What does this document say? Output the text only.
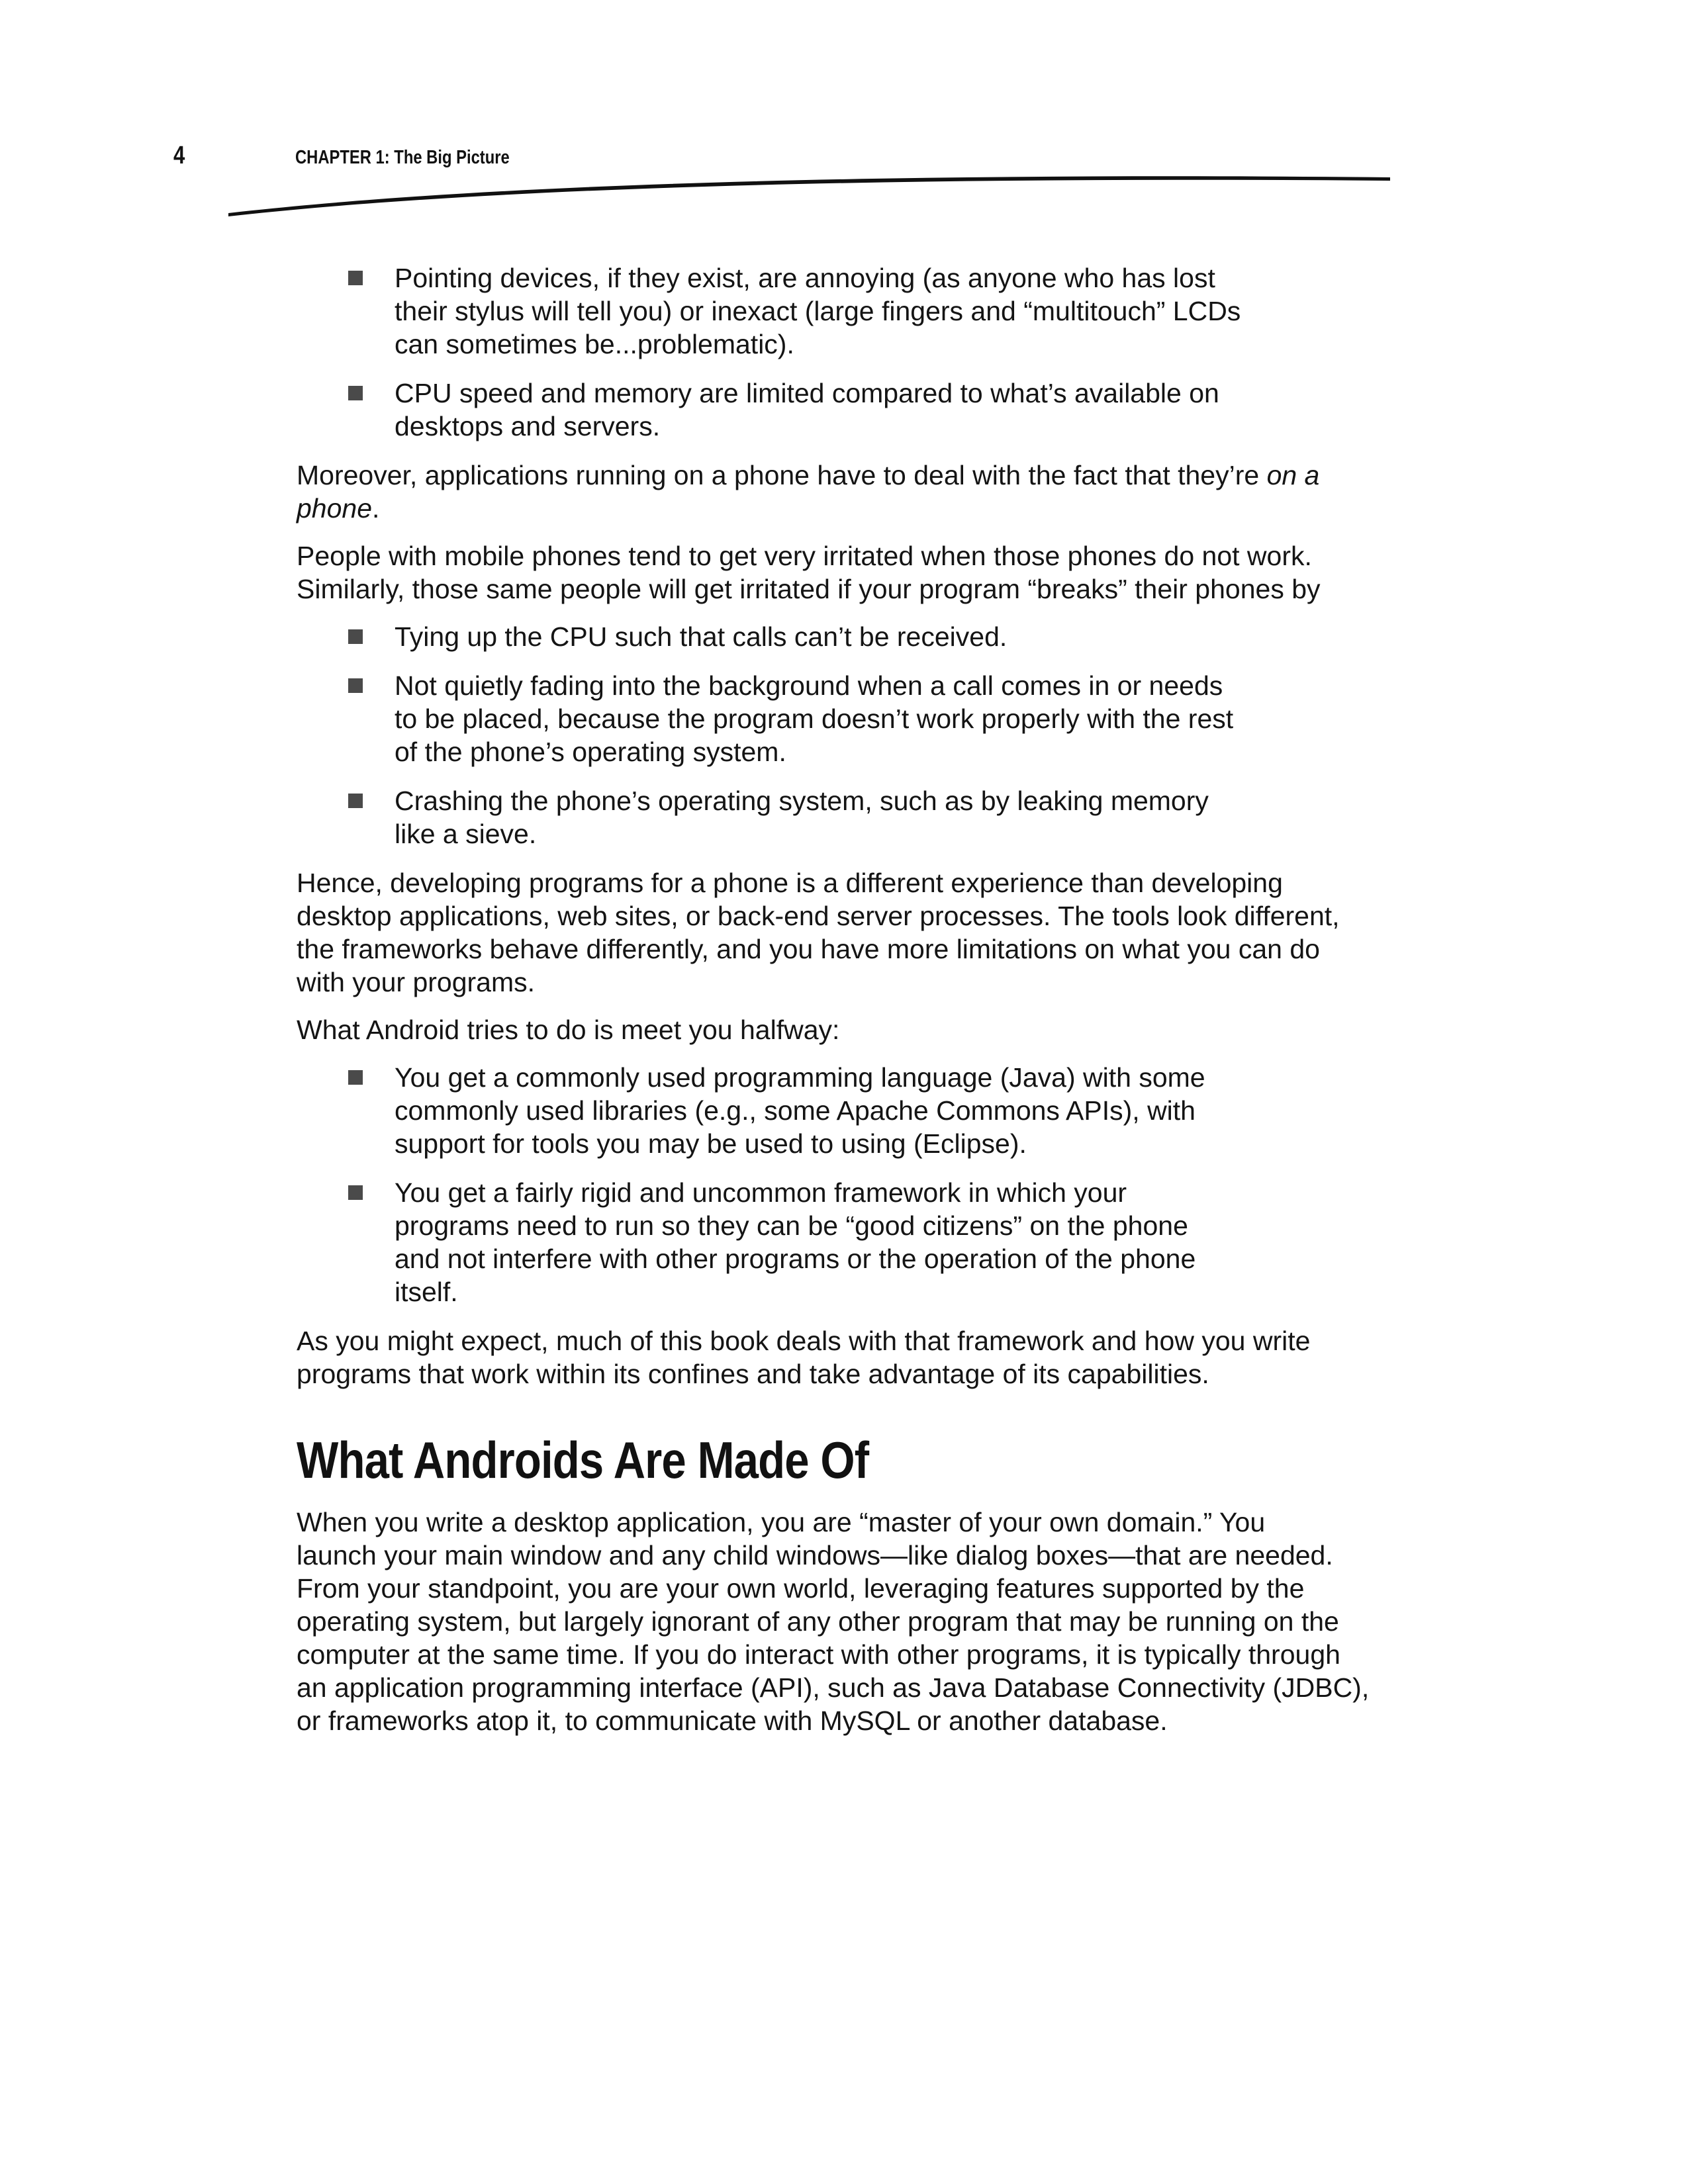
4	CHAPTER 1: The Big Picture
Pointing devices, if they exist, are annoying (as anyone who has lost
their stylus will tell you) or inexact (large fingers and “multitouch” LCDs
can sometimes be...problematic).
CPU speed and memory are limited compared to what’s available on
desktops and servers.
Moreover, applications running on a phone have to deal with the fact that they’re on a
phone.
People with mobile phones tend to get very irritated when those phones do not work.
Similarly, those same people will get irritated if your program “breaks” their phones by
Tying up the CPU such that calls can’t be received.
Not quietly fading into the background when a call comes in or needs
to be placed, because the program doesn’t work properly with the rest
of the phone’s operating system.
Crashing the phone’s operating system, such as by leaking memory
like a sieve.
Hence, developing programs for a phone is a different experience than developing
desktop applications, web sites, or back-end server processes. The tools look different,
the frameworks behave differently, and you have more limitations on what you can do
with your programs.
What Android tries to do is meet you halfway:
You get a commonly used programming language (Java) with some
commonly used libraries (e.g., some Apache Commons APIs), with
support for tools you may be used to using (Eclipse).
You get a fairly rigid and uncommon framework in which your
programs need to run so they can be “good citizens” on the phone
and not interfere with other programs or the operation of the phone
itself.
As you might expect, much of this book deals with that framework and how you write
programs that work within its confines and take advantage of its capabilities.
What Androids Are Made Of
When you write a desktop application, you are “master of your own domain.” You
launch your main window and any child windows—like dialog boxes—that are needed.
From your standpoint, you are your own world, leveraging features supported by the
operating system, but largely ignorant of any other program that may be running on the
computer at the same time. If you do interact with other programs, it is typically through
an application programming interface (API), such as Java Database Connectivity (JDBC),
or frameworks atop it, to communicate with MySQL or another database.
